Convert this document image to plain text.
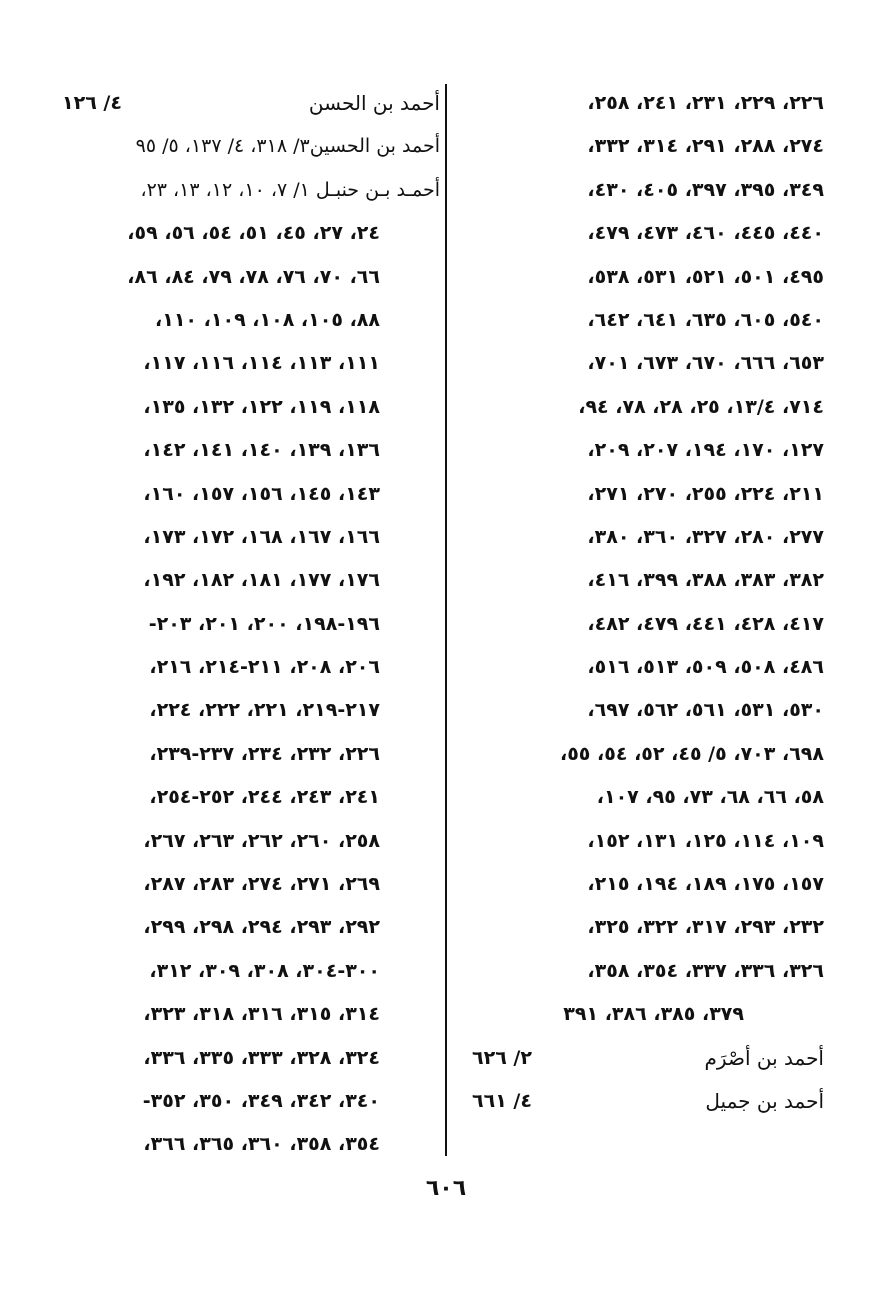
٢٢٦، ٢٢٩، ٢٣١، ٢٤١، ٢٥٨،
٢٧٤، ٢٨٨، ٢٩١، ٣١٤، ٣٣٢،
٣٤٩، ٣٩٥، ٣٩٧، ٤٠٥، ٤٣٠،
٤٤٠، ٤٤٥، ٤٦٠، ٤٧٣، ٤٧٩،
٤٩٥، ٥٠١، ٥٢١، ٥٣١، ٥٣٨،
٥٤٠، ٦٠٥، ٦٣٥، ٦٤١، ٦٤٢،
٦٥٣، ٦٦٦، ٦٧٠، ٦٧٣، ٧٠١،
٧١٤، ١٣/٤، ٢٥، ٢٨، ٧٨، ٩٤،
١٢٧، ١٧٠، ١٩٤، ٢٠٧، ٢٠٩،
٢١١، ٢٢٤، ٢٥٥، ٢٧٠، ٢٧١،
٢٧٧، ٢٨٠، ٣٢٧، ٣٦٠، ٣٨٠،
٣٨٢، ٣٨٣، ٣٨٨، ٣٩٩، ٤١٦،
٤١٧، ٤٢٨، ٤٤١، ٤٧٩، ٤٨٢،
٤٨٦، ٥٠٨، ٥٠٩، ٥١٣، ٥١٦،
٥٣٠، ٥٣١، ٥٦١، ٥٦٢، ٦٩٧،
٦٩٨، ٧٠٣، ٥/ ٤٥، ٥٢، ٥٤، ٥٥،
٥٨، ٦٦، ٦٨، ٧٣، ٩٥، ١٠٧،
١٠٩، ١١٤، ١٢٥، ١٣١، ١٥٢،
١٥٧، ١٧٥، ١٨٩، ١٩٤، ٢١٥،
٢٣٢، ٢٩٣، ٣١٧، ٣٢٢، ٣٢٥،
٣٢٦، ٣٣٦، ٣٣٧، ٣٥٤، ٣٥٨،
٣٧٩، ٣٨٥، ٣٨٦، ٣٩١
أحمد بن أصْرَم
٢/ ٦٢٦
أحمد بن جميل
٤/ ٦٦١
أحمد بن الحسن
٤/ ١٢٦
أحمد بن الحسين٣/ ٣١٨، ٤/ ١٣٧، ٥/ ٩٥
أحمـد بـن حنبـل ١/ ٧، ١٠، ١٢، ١٣، ٢٣،
٢٤، ٢٧، ٤٥، ٥١، ٥٤، ٥٦، ٥٩،
٦٦، ٧٠، ٧٦، ٧٨، ٧٩، ٨٤، ٨٦،
٨٨، ١٠٥، ١٠٨، ١٠٩، ١١٠،
١١١، ١١٣، ١١٤، ١١٦، ١١٧،
١١٨، ١١٩، ١٢٢، ١٣٢، ١٣٥،
١٣٦، ١٣٩، ١٤٠، ١٤١، ١٤٢،
١٤٣، ١٤٥، ١٥٦، ١٥٧، ١٦٠،
١٦٦، ١٦٧، ١٦٨، ١٧٢، ١٧٣،
١٧٦، ١٧٧، ١٨١، ١٨٢، ١٩٢،
١٩٦-١٩٨، ٢٠٠، ٢٠١، ٢٠٣-
٢٠٦، ٢٠٨، ٢١١-٢١٤، ٢١٦،
٢١٧-٢١٩، ٢٢١، ٢٢٢، ٢٢٤،
٢٢٦، ٢٣٢، ٢٣٤، ٢٣٧-٢٣٩،
٢٤١، ٢٤٣، ٢٤٤، ٢٥٢-٢٥٤،
٢٥٨، ٢٦٠، ٢٦٢، ٢٦٣، ٢٦٧،
٢٦٩، ٢٧١، ٢٧٤، ٢٨٣، ٢٨٧،
٢٩٢، ٢٩٣، ٢٩٤، ٢٩٨، ٢٩٩،
٣٠٠-٣٠٤، ٣٠٨، ٣٠٩، ٣١٢،
٣١٤، ٣١٥، ٣١٦، ٣١٨، ٣٢٣،
٣٢٤، ٣٢٨، ٣٣٣، ٣٣٥، ٣٣٦،
٣٤٠، ٣٤٢، ٣٤٩، ٣٥٠، ٣٥٢-
٣٥٤، ٣٥٨، ٣٦٠، ٣٦٥، ٣٦٦،
٦٠٦
